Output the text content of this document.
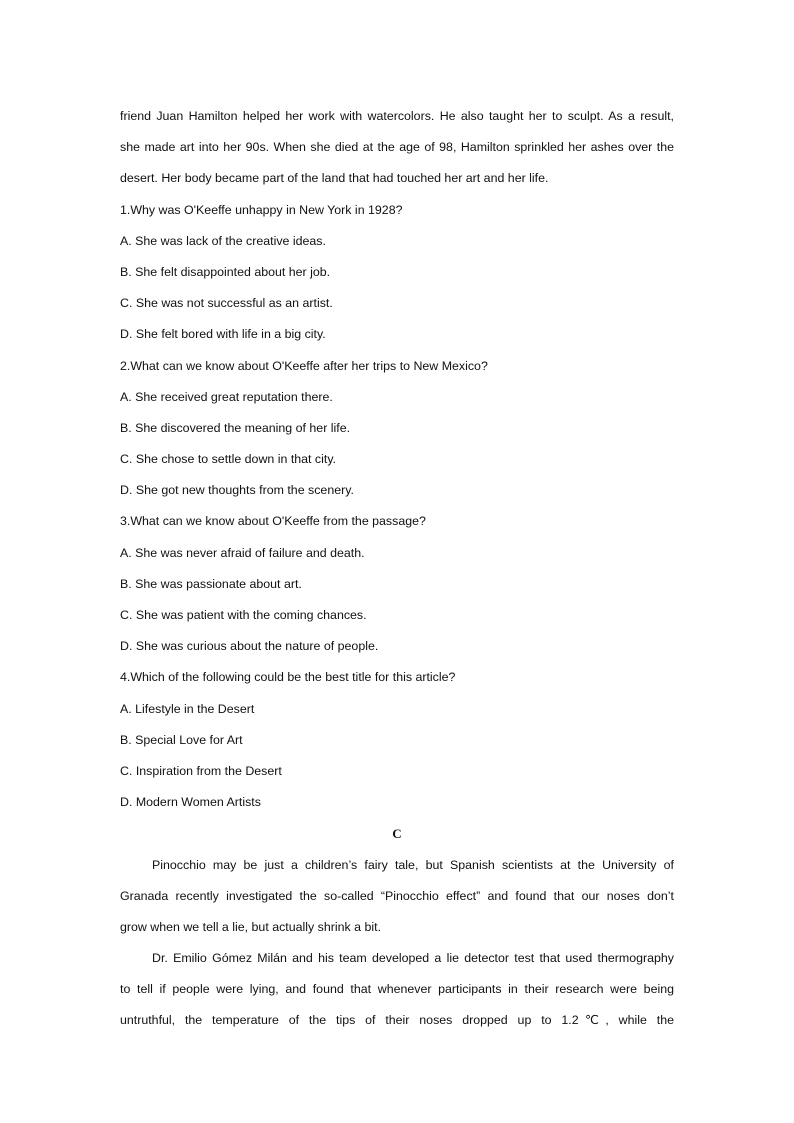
friend Juan Hamilton helped her work with watercolors. He also taught her to sculpt. As a result,

she made art into her 90s. When she died at the age of 98, Hamilton sprinkled her ashes over the

desert. Her body became part of the land that had touched her art and her life.

1.Why was O'Keeffe unhappy in New York in 1928?

A. She was lack of the creative ideas.

B. She felt disappointed about her job.

C. She was not successful as an artist.

D. She felt bored with life in a big city.

2.What can we know about O'Keeffe after her trips to New Mexico?

A. She received great reputation there.

B. She discovered the meaning of her life.

C. She chose to settle down in that city.

D. She got new thoughts from the scenery.

3.What can we know about O'Keeffe from the passage?

A. She was never afraid of failure and death.

B. She was passionate about art.

C. She was patient with the coming chances.

D. She was curious about the nature of people.

4.Which of the following could be the best title for this article?

A. Lifestyle in the Desert

B. Special Love for Art

C. Inspiration from the Desert

D. Modern Women Artists

C

Pinocchio may be just a children’s fairy tale, but Spanish scientists at the University of

Granada recently investigated the so-called “Pinocchio effect” and found that our noses don’t

grow when we tell a lie, but actually shrink a bit.

Dr. Emilio Gómez Milán and his team developed a lie detector test that used thermography

to tell if people were lying, and found that whenever participants in their research were being

untruthful, the temperature of the tips of their noses dropped up to 1.2℃, while the
